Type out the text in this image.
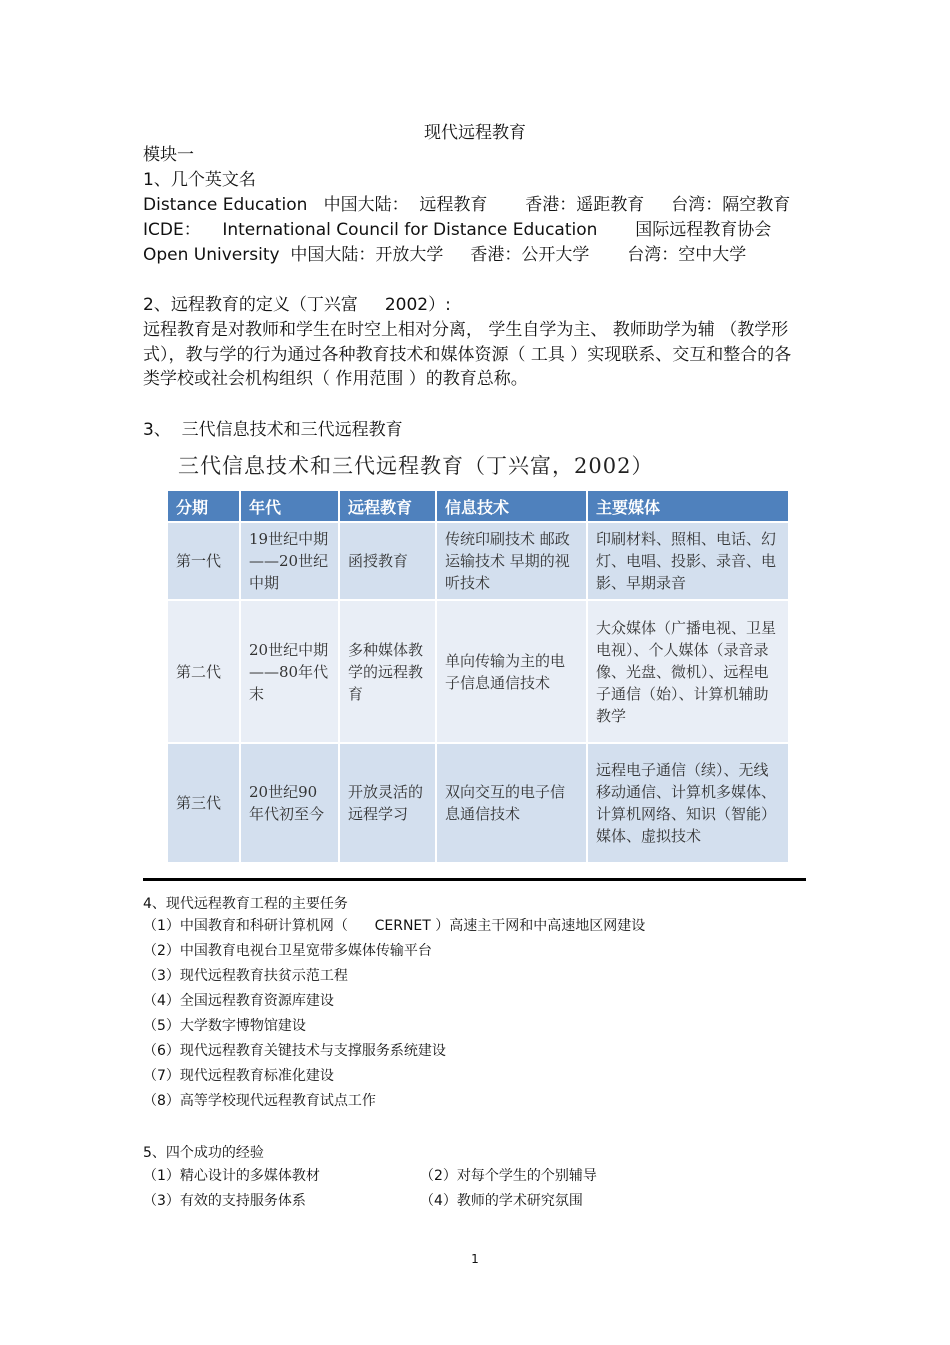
现代远程教育
模块一
1、几个英文名
Distance Education   中国大陆：  远程教育       香港：遥距教育     台湾：隔空教育
ICDE：    International Council for Distance Education       国际远程教育协会
Open University  中国大陆：开放大学     香港：公开大学       台湾：空中大学
2、远程教育的定义（丁兴富     2002）:
远程教育是对教师和学生在时空上相对分离， 学生自学为主、 教师助学为辅 （教学形式），教与学的行为通过各种教育技术和媒体资源（ 工具 ）实现联系、交互和整合的各类学校或社会机构组织（ 作用范围 ）的教育总称。
3、  三代信息技术和三代远程教育
三代信息技术和三代远程教育（丁兴富，2002）
分期	年代	远程教育	信息技术	主要媒体
第一代	19世纪中期——20世纪中期	函授教育	传统印刷技术 邮政运输技术 早期的视听技术	印刷材料、照相、电话、幻灯、电唱、投影、录音、电影、早期录音
第二代	20世纪中期——80年代末	多种媒体教学的远程教育	单向传输为主的电子信息通信技术	大众媒体（广播电视、卫星电视）、个人媒体（录音录像、光盘、微机）、远程电子通信（始）、计算机辅助教学
第三代	20世纪90年代初至今	开放灵活的远程学习	双向交互的电子信息通信技术	远程电子通信（续）、无线移动通信、计算机多媒体、计算机网络、知识（智能）媒体、虚拟技术
4、现代远程教育工程的主要任务
（1）中国教育和科研计算机网（      CERNET ）高速主干网和中高速地区网建设
（2）中国教育电视台卫星宽带多媒体传输平台
（3）现代远程教育扶贫示范工程
（4）全国远程教育资源库建设
（5）大学数字博物馆建设
（6）现代远程教育关键技术与支撑服务系统建设
（7）现代远程教育标准化建设
（8）高等学校现代远程教育试点工作
5、四个成功的经验
（1）精心设计的多媒体教材	（2）对每个学生的个别辅导
（3）有效的支持服务体系	（4）教师的学术研究氛围
1
